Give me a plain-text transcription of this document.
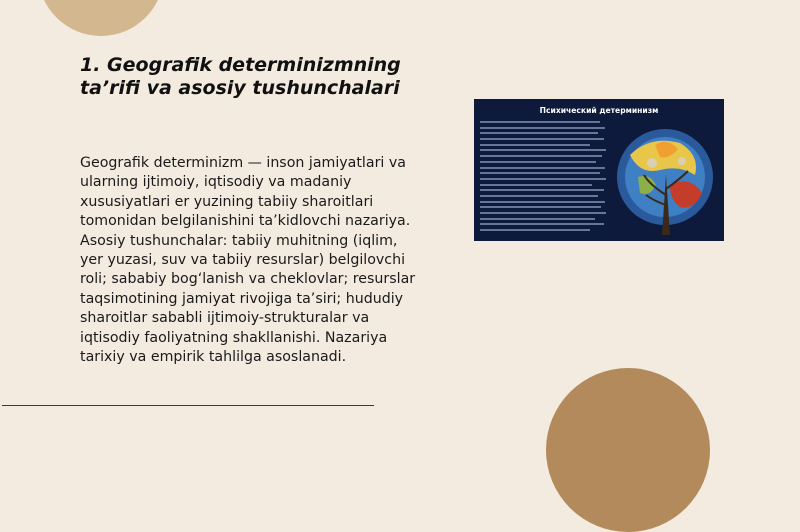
1. Geografik determinizmning ta’rifi va asosiy tushunchalari

Geografik determinizm — inson jamiyatlari va ularning ijtimoiy, iqtisodiy va madaniy xususiyatlari er yuzining tabiiy sharoitlari tomonidan belgilanishini ta’kidlovchi nazariya. Asosiy tushunchalar: tabiiy muhitning (iqlim, yer yuzasi, suv va tabiiy resurslar) belgilovchi roli; sababiy bog‘lanish va cheklovlar; resurslar taqsimotining jamiyat rivojiga ta’siri; hududiy sharoitlar sababli ijtimoiy-strukturalar va iqtisodiy faoliyatning shakllanishi. Nazariya tarixiy va empirik tahlilga asoslanadi.

Психический детерминизм
